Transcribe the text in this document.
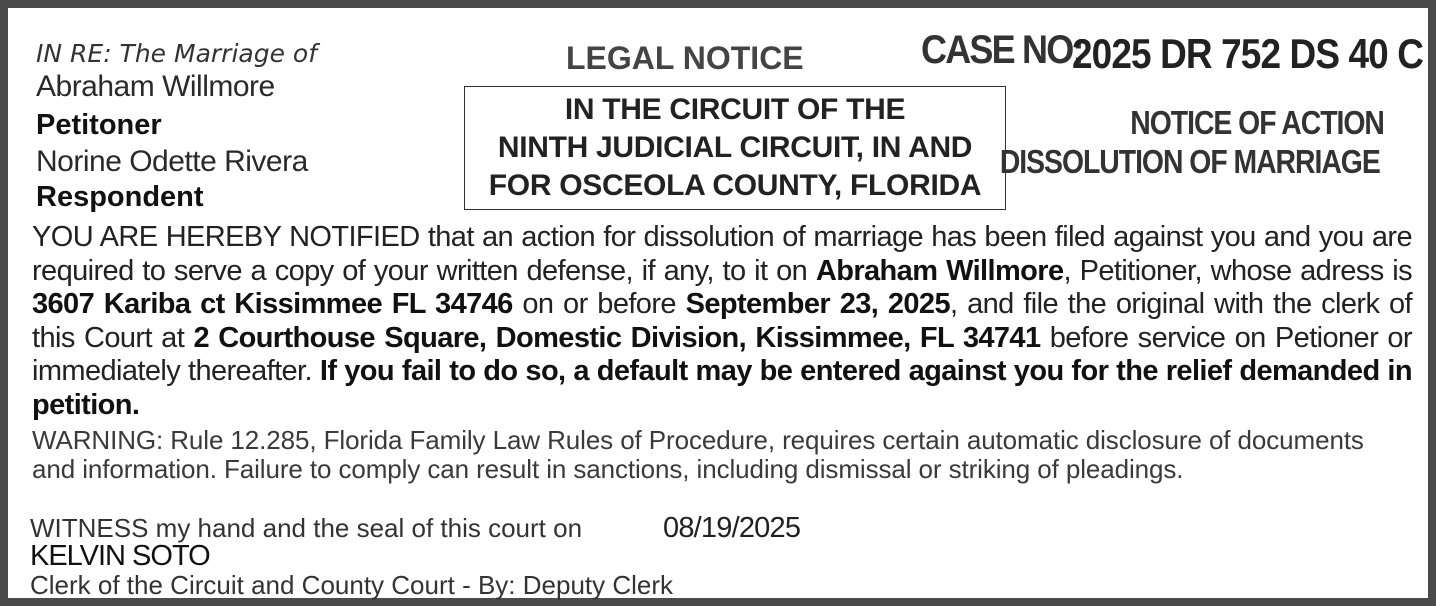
IN RE: The Marriage of
Abraham Willmore
Petitoner
Norine Odette Rivera
Respondent
LEGAL NOTICE
IN THE CIRCUIT OF THE
NINTH JUDICIAL CIRCUIT, IN AND
FOR OSCEOLA COUNTY, FLORIDA
CASE NO:
2025 DR 752 DS 40 C
NOTICE OF ACTION
DISSOLUTION OF MARRIAGE
YOU ARE HEREBY NOTIFIED that an action for dissolution of marriage has been filed against you and you are required to serve a copy of your written defense, if any, to it on Abraham Willmore, Petitioner, whose adress is 3607 Kariba ct Kissimmee FL 34746 on or before September 23, 2025, and file the original with the clerk of this Court at 2 Courthouse Square, Domestic Division, Kissimmee, FL 34741 before service on Petioner or immediately thereafter. If you fail to do so, a default may be entered against you for the relief demanded in petition.
WARNING: Rule 12.285, Florida Family Law Rules of Procedure, requires certain automatic disclosure of documents and information. Failure to comply can result in sanctions, including dismissal or striking of pleadings.
WITNESS my hand and the seal of this court on	08/19/2025
KELVIN SOTO
Clerk of the Circuit and County Court - By: Deputy Clerk
